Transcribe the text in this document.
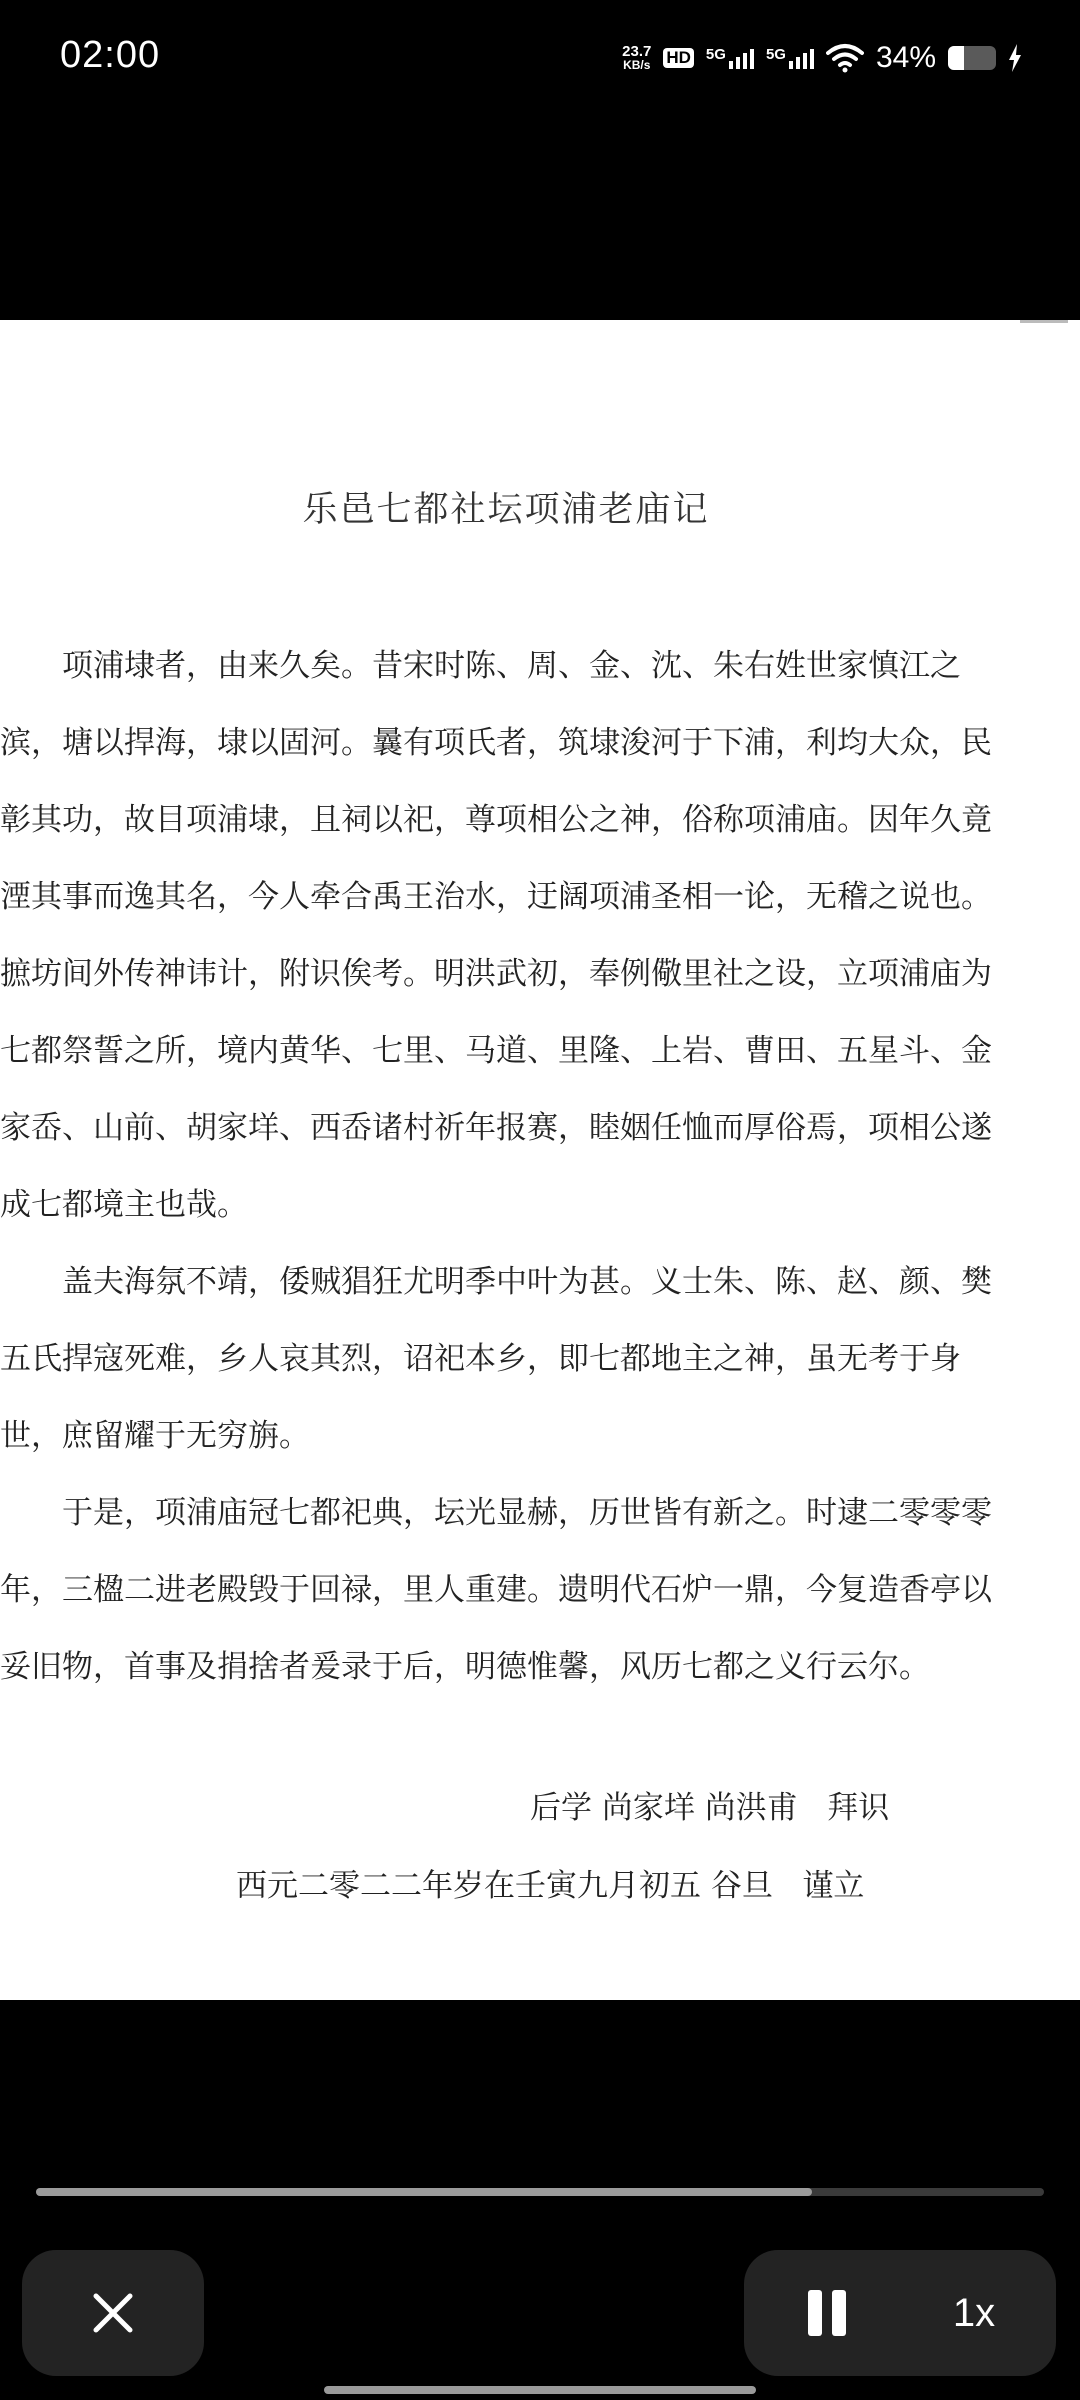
02:00	23.7
KB/s HD 5G	5G	34%
乐邑七都社坛项浦老庙记

项浦埭者，由来久矣。昔宋时陈、周、金、沈、朱右姓世家慎江之滨，塘以捍海，埭以固河。曩有项氏者，筑埭浚河于下浦，利均大众，民彰其功，故目项浦埭，且祠以祀，尊项相公之神，俗称项浦庙。因年久竟湮其事而逸其名，今人牵合禹王治水，迂阔项浦圣相一论，无稽之说也。摭坊间外传神讳计，附识俟考。明洪武初，奉例儆里社之设，立项浦庙为七都祭誓之所，境内黄华、七里、马道、里隆、上岩、曹田、五星斗、金家岙、山前、胡家垟、西岙诸村祈年报赛，睦姻任恤而厚俗焉，项相公遂成七都境主也哉。

盖夫海氛不靖，倭贼猖狂尤明季中叶为甚。义士朱、陈、赵、颜、樊五氏捍寇死难，乡人哀其烈，诏祀本乡，即七都地主之神，虽无考于身世，庶留耀于无穷旃。

于是，项浦庙冠七都祀典，坛光显赫，历世皆有新之。时逮二零零零年，三楹二进老殿毁于回禄，里人重建。遗明代石炉一鼎，今复造香亭以妥旧物，首事及捐捨者爰录于后，明德惟馨，风历七都之义行云尔。

后学 尚家垟 尚洪甫   拜识
西元二零二二年岁在壬寅九月初五 谷旦   谨立
1x
